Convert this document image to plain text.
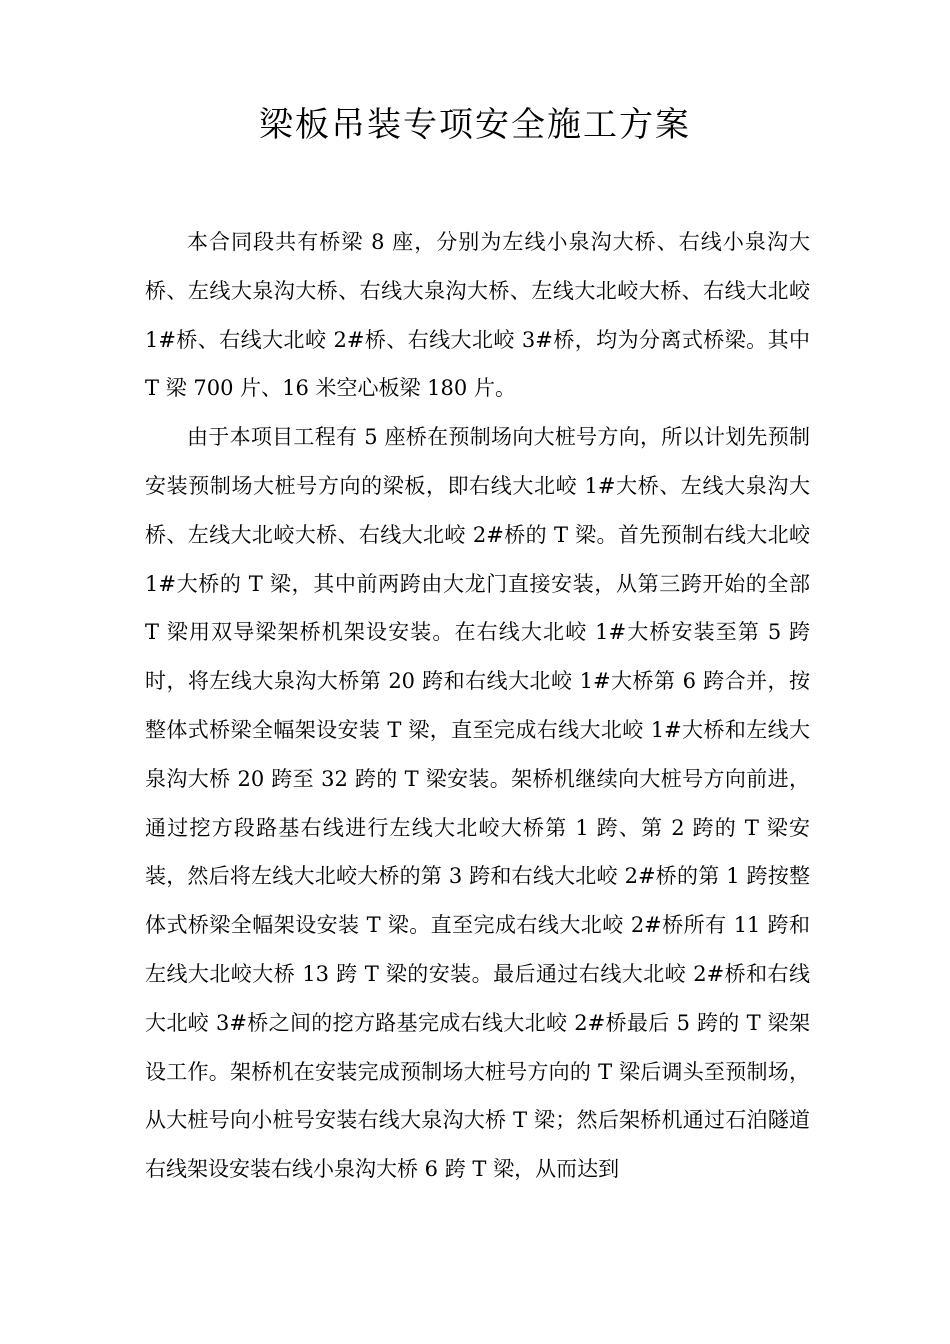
梁板吊装专项安全施工方案

本合同段共有桥梁 8 座，分别为左线小泉沟大桥、右线小泉沟大桥、左线大泉沟大桥、右线大泉沟大桥、左线大北峧大桥、右线大北峧 1#桥、右线大北峧 2#桥、右线大北峧 3#桥，均为分离式桥梁。其中 T 梁 700 片、16 米空心板梁 180 片。

由于本项目工程有 5 座桥在预制场向大桩号方向，所以计划先预制安装预制场大桩号方向的梁板，即右线大北峧 1#大桥、左线大泉沟大桥、左线大北峧大桥、右线大北峧 2#桥的 T 梁。首先预制右线大北峧 1#大桥的 T 梁，其中前两跨由大龙门直接安装，从第三跨开始的全部 T 梁用双导梁架桥机架设安装。在右线大北峧 1#大桥安装至第 5 跨时，将左线大泉沟大桥第 20 跨和右线大北峧 1#大桥第 6 跨合并，按整体式桥梁全幅架设安装 T 梁，直至完成右线大北峧 1#大桥和左线大泉沟大桥 20 跨至 32 跨的 T 梁安装。架桥机继续向大桩号方向前进，通过挖方段路基右线进行左线大北峧大桥第 1 跨、第 2 跨的 T 梁安装，然后将左线大北峧大桥的第 3 跨和右线大北峧 2#桥的第 1 跨按整体式桥梁全幅架设安装 T 梁。直至完成右线大北峧 2#桥所有 11 跨和左线大北峧大桥 13 跨 T 梁的安装。最后通过右线大北峧 2#桥和右线大北峧 3#桥之间的挖方路基完成右线大北峧 2#桥最后 5 跨的 T 梁架设工作。架桥机在安装完成预制场大桩号方向的 T 梁后调头至预制场，从大桩号向小桩号安装右线大泉沟大桥 T 梁；然后架桥机通过石泊隧道右线架设安装右线小泉沟大桥 6 跨 T 梁，从而达到
